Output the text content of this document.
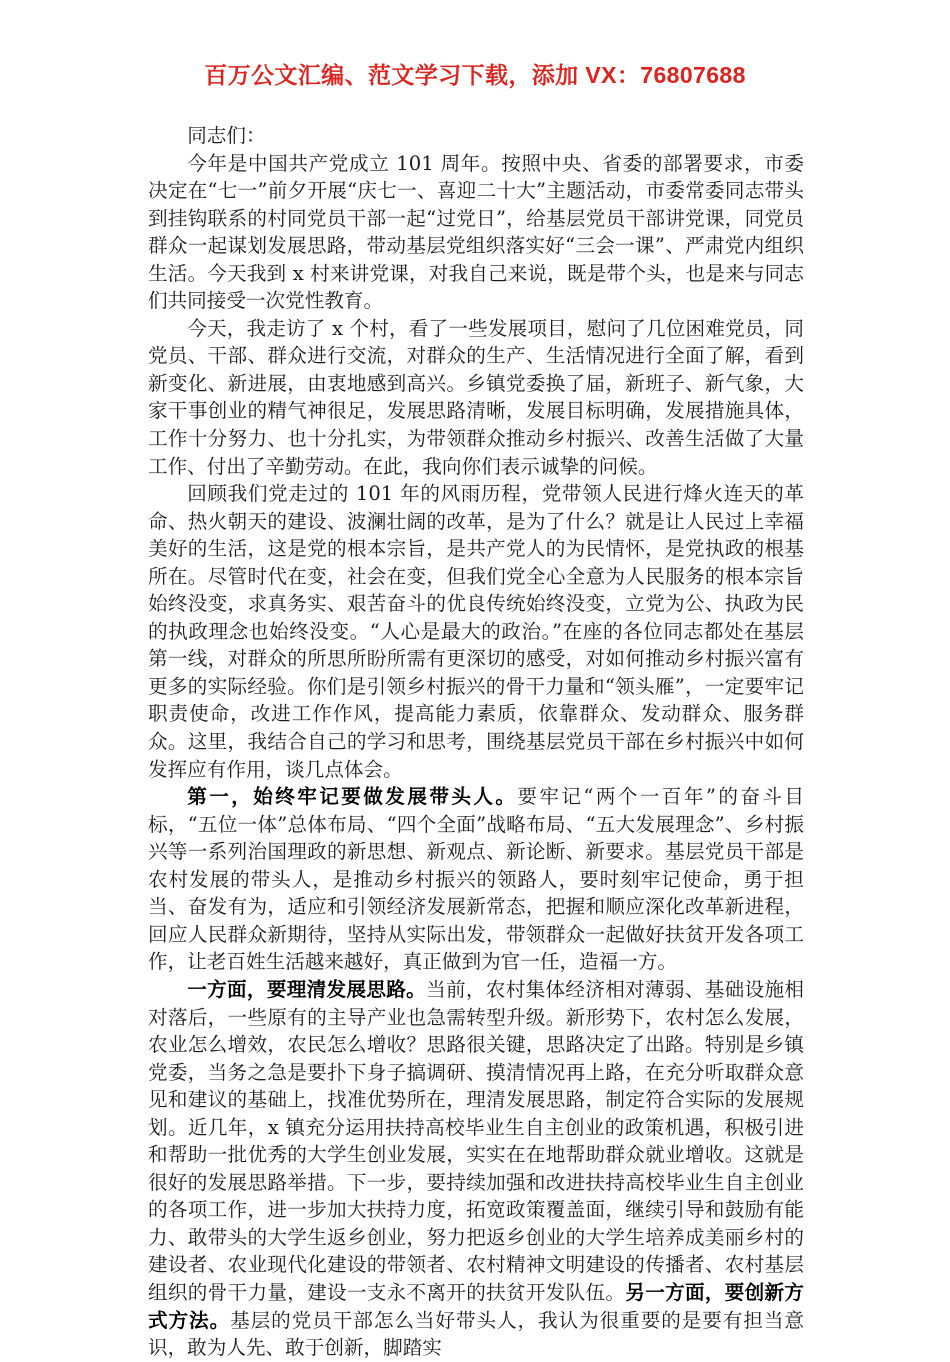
百万公文汇编、范文学习下载，添加 VX：76807688

同志们：

今年是中国共产党成立 101 周年。按照中央、省委的部署要求，市委决定在“七一”前夕开展“庆七一、喜迎二十大”主题活动，市委常委同志带头到挂钩联系的村同党员干部一起“过党日”，给基层党员干部讲党课，同党员群众一起谋划发展思路，带动基层党组织落实好“三会一课”、严肃党内组织生活。今天我到 x 村来讲党课，对我自己来说，既是带个头，也是来与同志们共同接受一次党性教育。

今天，我走访了 x 个村，看了一些发展项目，慰问了几位困难党员，同党员、干部、群众进行交流，对群众的生产、生活情况进行全面了解，看到新变化、新进展，由衷地感到高兴。乡镇党委换了届，新班子、新气象，大家干事创业的精气神很足，发展思路清晰，发展目标明确，发展措施具体，工作十分努力、也十分扎实，为带领群众推动乡村振兴、改善生活做了大量工作、付出了辛勤劳动。在此，我向你们表示诚挚的问候。

回顾我们党走过的 101 年的风雨历程，党带领人民进行烽火连天的革命、热火朝天的建设、波澜壮阔的改革，是为了什么？就是让人民过上幸福美好的生活，这是党的根本宗旨，是共产党人的为民情怀，是党执政的根基所在。尽管时代在变，社会在变，但我们党全心全意为人民服务的根本宗旨始终没变，求真务实、艰苦奋斗的优良传统始终没变，立党为公、执政为民的执政理念也始终没变。“人心是最大的政治。”在座的各位同志都处在基层第一线，对群众的所思所盼所需有更深切的感受，对如何推动乡村振兴富有更多的实际经验。你们是引领乡村振兴的骨干力量和“领头雁”，一定要牢记职责使命，改进工作作风，提高能力素质，依靠群众、发动群众、服务群众。这里，我结合自己的学习和思考，围绕基层党员干部在乡村振兴中如何发挥应有作用，谈几点体会。

第一，始终牢记要做发展带头人。要牢记“两个一百年”的奋斗目标，“五位一体”总体布局、“四个全面”战略布局、“五大发展理念”、乡村振兴等一系列治国理政的新思想、新观点、新论断、新要求。基层党员干部是农村发展的带头人，是推动乡村振兴的领路人，要时刻牢记使命，勇于担当、奋发有为，适应和引领经济发展新常态，把握和顺应深化改革新进程，回应人民群众新期待，坚持从实际出发，带领群众一起做好扶贫开发各项工作，让老百姓生活越来越好，真正做到为官一任，造福一方。

一方面，要理清发展思路。当前，农村集体经济相对薄弱、基础设施相对落后，一些原有的主导产业也急需转型升级。新形势下，农村怎么发展，农业怎么增效，农民怎么增收？思路很关键，思路决定了出路。特别是乡镇党委，当务之急是要扑下身子搞调研、摸清情况再上路，在充分听取群众意见和建议的基础上，找准优势所在，理清发展思路，制定符合实际的发展规划。近几年，x 镇充分运用扶持高校毕业生自主创业的政策机遇，积极引进和帮助一批优秀的大学生创业发展，实实在在地帮助群众就业增收。这就是很好的发展思路举措。下一步，要持续加强和改进扶持高校毕业生自主创业的各项工作，进一步加大扶持力度，拓宽政策覆盖面，继续引导和鼓励有能力、敢带头的大学生返乡创业，努力把返乡创业的大学生培养成美丽乡村的建设者、农业现代化建设的带领者、农村精神文明建设的传播者、农村基层组织的骨干力量，建设一支永不离开的扶贫开发队伍。另一方面，要创新方式方法。基层的党员干部怎么当好带头人，我认为很重要的是要有担当意识，敢为人先、敢于创新，脚踏实
